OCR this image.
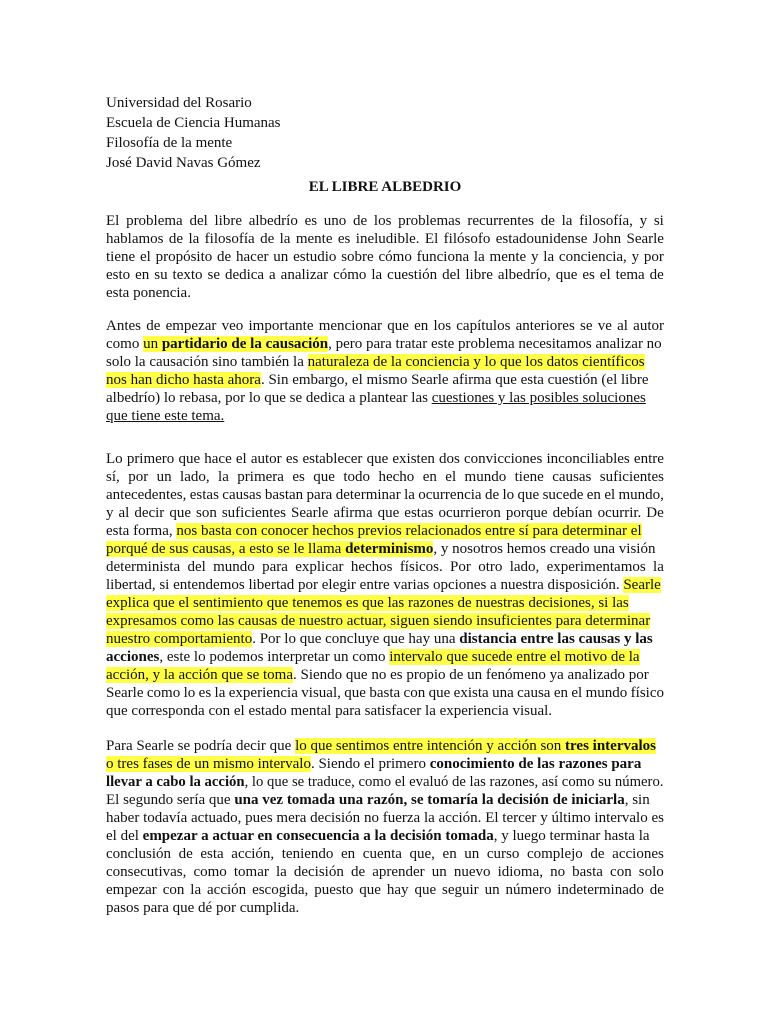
Universidad del Rosario
Escuela de Ciencia Humanas
Filosofía de la mente
José David Navas Gómez
EL LIBRE ALBEDRIO
El problema del libre albedrío es uno de los problemas recurrentes de la filosofía, y si
hablamos de la filosofía de la mente es ineludible. El filósofo estadounidense John Searle
tiene el propósito de hacer un estudio sobre cómo funciona la mente y la conciencia, y por
esto en su texto se dedica a analizar cómo la cuestión del libre albedrío, que es el tema de
esta ponencia.
Antes de empezar veo importante mencionar que en los capítulos anteriores se ve al autor
como un partidario de la causación, pero para tratar este problema necesitamos analizar no
solo la causación sino también la naturaleza de la conciencia y lo que los datos científicos
nos han dicho hasta ahora. Sin embargo, el mismo Searle afirma que esta cuestión (el libre
albedrío) lo rebasa, por lo que se dedica a plantear las cuestiones y las posibles soluciones
que tiene este tema.
Lo primero que hace el autor es establecer que existen dos convicciones inconciliables entre
sí, por un lado, la primera es que todo hecho en el mundo tiene causas suficientes
antecedentes, estas causas bastan para determinar la ocurrencia de lo que sucede en el mundo,
y al decir que son suficientes Searle afirma que estas ocurrieron porque debían ocurrir. De
esta forma, nos basta con conocer hechos previos relacionados entre sí para determinar el
porqué de sus causas, a esto se le llama determinismo, y nosotros hemos creado una visión
determinista del mundo para explicar hechos físicos. Por otro lado, experimentamos la
libertad, si entendemos libertad por elegir entre varias opciones a nuestra disposición. Searle
explica que el sentimiento que tenemos es que las razones de nuestras decisiones, si las
expresamos como las causas de nuestro actuar, siguen siendo insuficientes para determinar
nuestro comportamiento. Por lo que concluye que hay una distancia entre las causas y las
acciones, este lo podemos interpretar un como intervalo que sucede entre el motivo de la
acción, y la acción que se toma. Siendo que no es propio de un fenómeno ya analizado por
Searle como lo es la experiencia visual, que basta con que exista una causa en el mundo físico
que corresponda con el estado mental para satisfacer la experiencia visual.
Para Searle se podría decir que lo que sentimos entre intención y acción son tres intervalos
o tres fases de un mismo intervalo. Siendo el primero conocimiento de las razones para
llevar a cabo la acción, lo que se traduce, como el evaluó de las razones, así como su número.
El segundo sería que una vez tomada una razón, se tomaría la decisión de iniciarla, sin
haber todavía actuado, pues mera decisión no fuerza la acción. El tercer y último intervalo es
el del empezar a actuar en consecuencia a la decisión tomada, y luego terminar hasta la
conclusión de esta acción, teniendo en cuenta que, en un curso complejo de acciones
consecutivas, como tomar la decisión de aprender un nuevo idioma, no basta con solo
empezar con la acción escogida, puesto que hay que seguir un número indeterminado de
pasos para que dé por cumplida.
